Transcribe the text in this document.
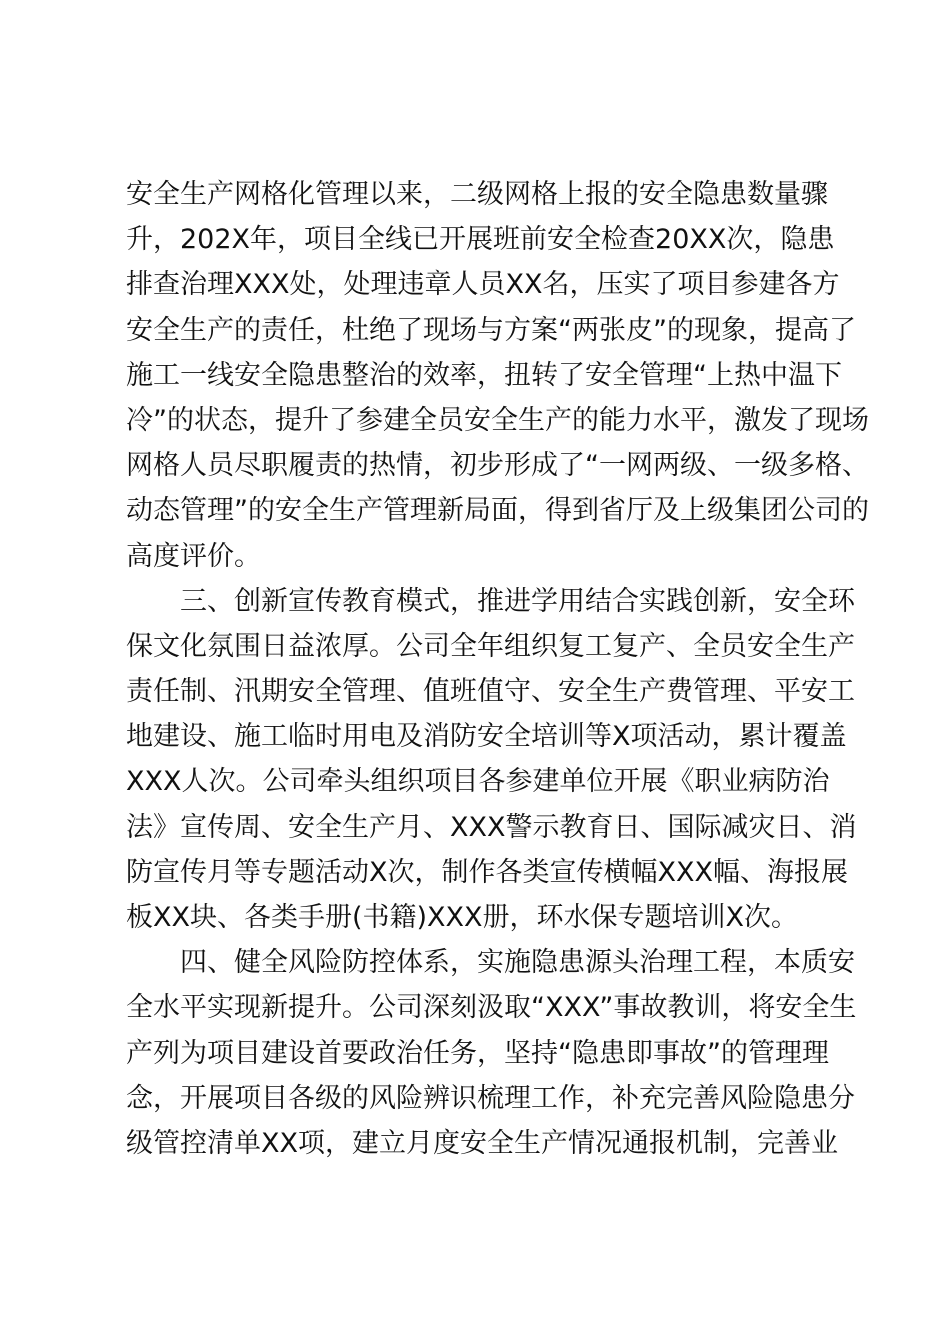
安全生产网格化管理以来，二级网格上报的安全隐患数量骤
升，202X年，项目全线已开展班前安全检查20XX次，隐患
排查治理XXX处，处理违章人员XX名，压实了项目参建各方
安全生产的责任，杜绝了现场与方案“两张皮”的现象，提高了
施工一线安全隐患整治的效率，扭转了安全管理“上热中温下
冷”的状态，提升了参建全员安全生产的能力水平，激发了现场
网格人员尽职履责的热情，初步形成了“一网两级、一级多格、
动态管理”的安全生产管理新局面，得到省厅及上级集团公司的
高度评价。
三、创新宣传教育模式，推进学用结合实践创新，安全环
保文化氛围日益浓厚。公司全年组织复工复产、全员安全生产
责任制、汛期安全管理、值班值守、安全生产费管理、平安工
地建设、施工临时用电及消防安全培训等X项活动，累计覆盖
XXX人次。公司牵头组织项目各参建单位开展《职业病防治
法》宣传周、安全生产月、XXX警示教育日、国际减灾日、消
防宣传月等专题活动X次，制作各类宣传横幅XXX幅、海报展
板XX块、各类手册(书籍)XXX册，环水保专题培训X次。
四、健全风险防控体系，实施隐患源头治理工程，本质安
全水平实现新提升。公司深刻汲取“XXX”事故教训，将安全生
产列为项目建设首要政治任务，坚持“隐患即事故”的管理理
念，开展项目各级的风险辨识梳理工作，补充完善风险隐患分
级管控清单XX项，建立月度安全生产情况通报机制，完善业
